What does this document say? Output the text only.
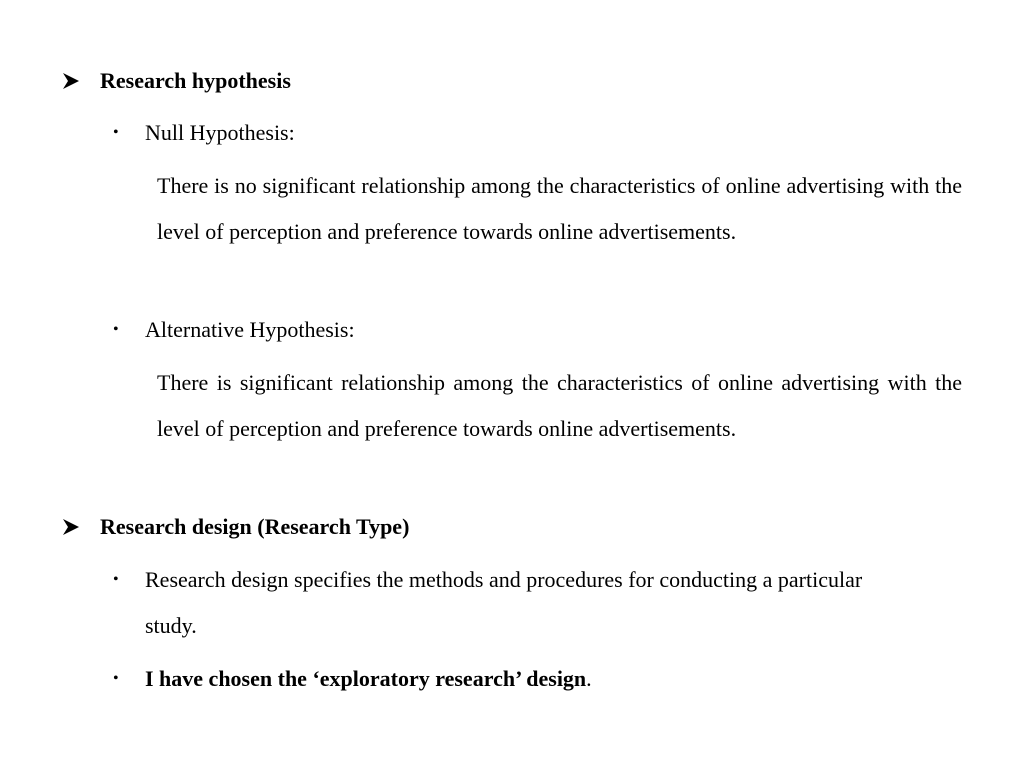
Research hypothesis
• Null Hypothesis:
There is no significant relationship among the characteristics of online advertising with the level of perception and preference towards online advertisements.
• Alternative Hypothesis:
There is significant relationship among the characteristics of online advertising with the level of perception and preference towards online advertisements.
Research design (Research Type)
•	Research design specifies the methods and procedures for conducting a particular study.
• I have chosen the ‘exploratory research’ design.
